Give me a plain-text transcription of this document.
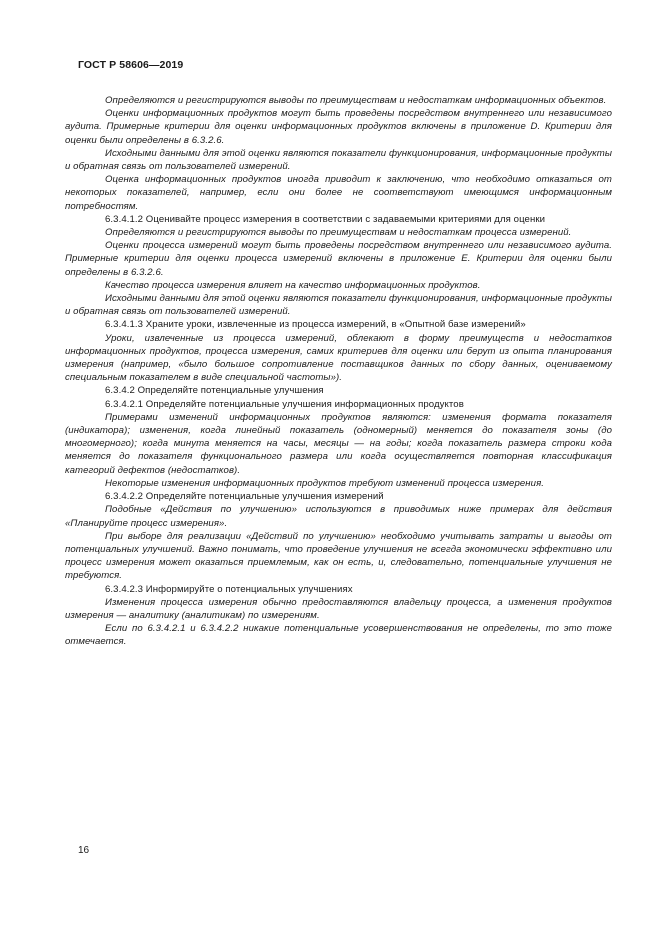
ГОСТ Р 58606—2019

Определяются и регистрируются выводы по преимуществам и недостаткам информационных объектов.

Оценки информационных продуктов могут быть проведены посредством внутреннего или независимого аудита. Примерные критерии для оценки информационных продуктов включены в приложение D. Критерии для оценки были определены в 6.3.2.6.

Исходными данными для этой оценки являются показатели функционирования, информационные продукты и обратная связь от пользователей измерений.

Оценка информационных продуктов иногда приводит к заключению, что необходимо отказаться от некоторых показателей, например, если они более не соответствуют имеющимся информационным потребностям.

6.3.4.1.2 Оценивайте процесс измерения в соответствии с задаваемыми критериями для оценки

Определяются и регистрируются выводы по преимуществам и недостаткам процесса измерений.

Оценки процесса измерений могут быть проведены посредством внутреннего или независимого аудита. Примерные критерии для оценки процесса измерений включены в приложение Е. Критерии для оценки были определены в 6.3.2.6.

Качество процесса измерения влияет на качество информационных продуктов.

Исходными данными для этой оценки являются показатели функционирования, информационные продукты и обратная связь от пользователей измерений.

6.3.4.1.3 Храните уроки, извлеченные из процесса измерений, в «Опытной базе измерений»

Уроки, извлеченные из процесса измерений, облекают в форму преимуществ и недостатков информационных продуктов, процесса измерения, самих критериев для оценки или берут из опыта планирования измерения (например, «было большое сопротивление поставщиков данных по сбору данных, оцениваемому специальным показателем в виде специальной частоты»).

6.3.4.2 Определяйте потенциальные улучшения

6.3.4.2.1 Определяйте потенциальные улучшения информационных продуктов

Примерами изменений информационных продуктов являются: изменения формата показателя (индикатора); изменения, когда линейный показатель (одномерный) меняется до показателя зоны (до многомерного); когда минута меняется на часы, месяцы — на годы; когда показатель размера строки кода меняется до показателя функционального размера или когда осуществляется повторная классификация категорий дефектов (недостатков).

Некоторые изменения информационных продуктов требуют изменений процесса измерения.

6.3.4.2.2 Определяйте потенциальные улучшения измерений

Подобные «Действия по улучшению» используются в приводимых ниже примерах для действия «Планируйте процесс измерения».

При выборе для реализации «Действий по улучшению» необходимо учитывать затраты и выгоды от потенциальных улучшений. Важно понимать, что проведение улучшения не всегда экономически эффективно или процесс измерения может оказаться приемлемым, как он есть, и, следовательно, потенциальные улучшения не требуются.

6.3.4.2.3 Информируйте о потенциальных улучшениях

Изменения процесса измерения обычно предоставляются владельцу процесса, а изменения продуктов измерения — аналитику (аналитикам) по измерениям.

Если по 6.3.4.2.1 и 6.3.4.2.2 никакие потенциальные усовершенствования не определены, то это тоже отмечается.

16
